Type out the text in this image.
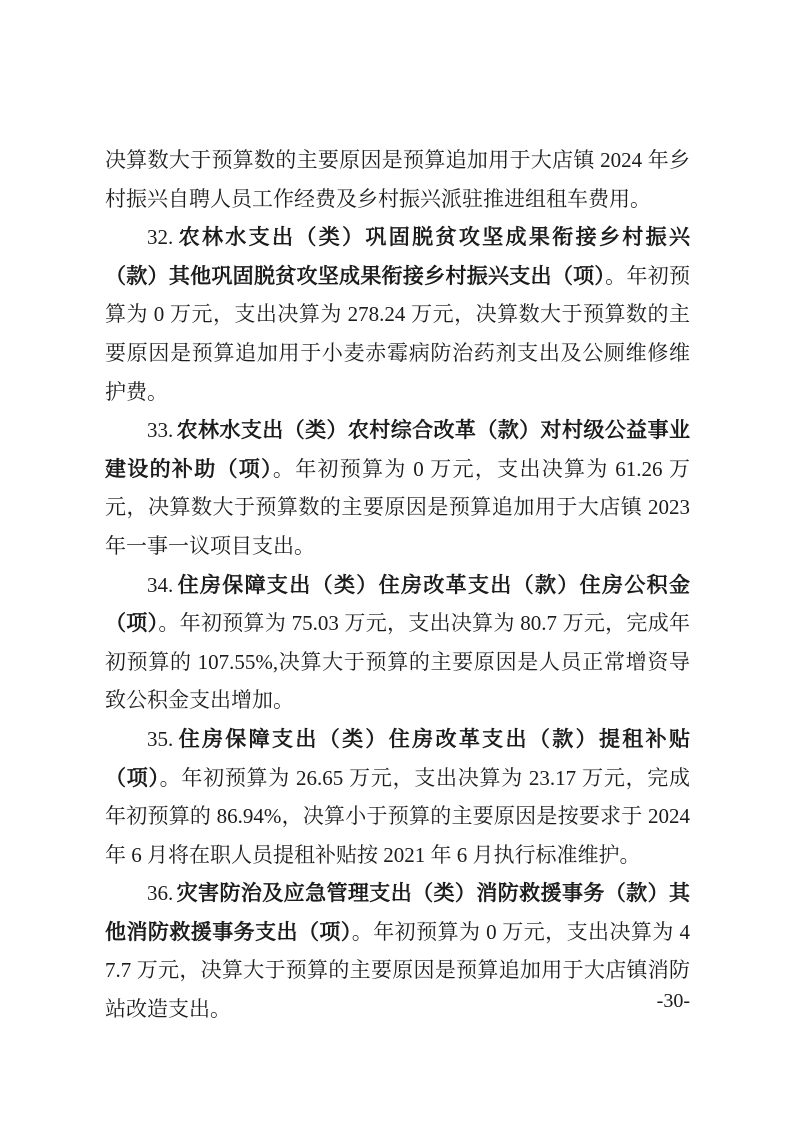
决算数大于预算数的主要原因是预算追加用于大店镇 2024 年乡村振兴自聘人员工作经费及乡村振兴派驻推进组租车费用。

32. 农林水支出（类）巩固脱贫攻坚成果衔接乡村振兴（款）其他巩固脱贫攻坚成果衔接乡村振兴支出（项）。年初预算为 0 万元，支出决算为 278.24 万元，决算数大于预算数的主要原因是预算追加用于小麦赤霉病防治药剂支出及公厕维修维护费。

33. 农林水支出（类）农村综合改革（款）对村级公益事业建设的补助（项）。年初预算为 0 万元，支出决算为 61.26 万元，决算数大于预算数的主要原因是预算追加用于大店镇 2023 年一事一议项目支出。

34. 住房保障支出（类）住房改革支出（款）住房公积金（项）。年初预算为 75.03 万元，支出决算为 80.7 万元，完成年初预算的 107.55%,决算大于预算的主要原因是人员正常增资导致公积金支出增加。

35. 住房保障支出（类）住房改革支出（款）提租补贴（项）。年初预算为 26.65 万元，支出决算为 23.17 万元，完成年初预算的 86.94%，决算小于预算的主要原因是按要求于 2024 年 6 月将在职人员提租补贴按 2021 年 6 月执行标准维护。

36. 灾害防治及应急管理支出（类）消防救援事务（款）其他消防救援事务支出（项）。年初预算为 0 万元，支出决算为 47.7 万元，决算大于预算的主要原因是预算追加用于大店镇消防站改造支出。	-30-
